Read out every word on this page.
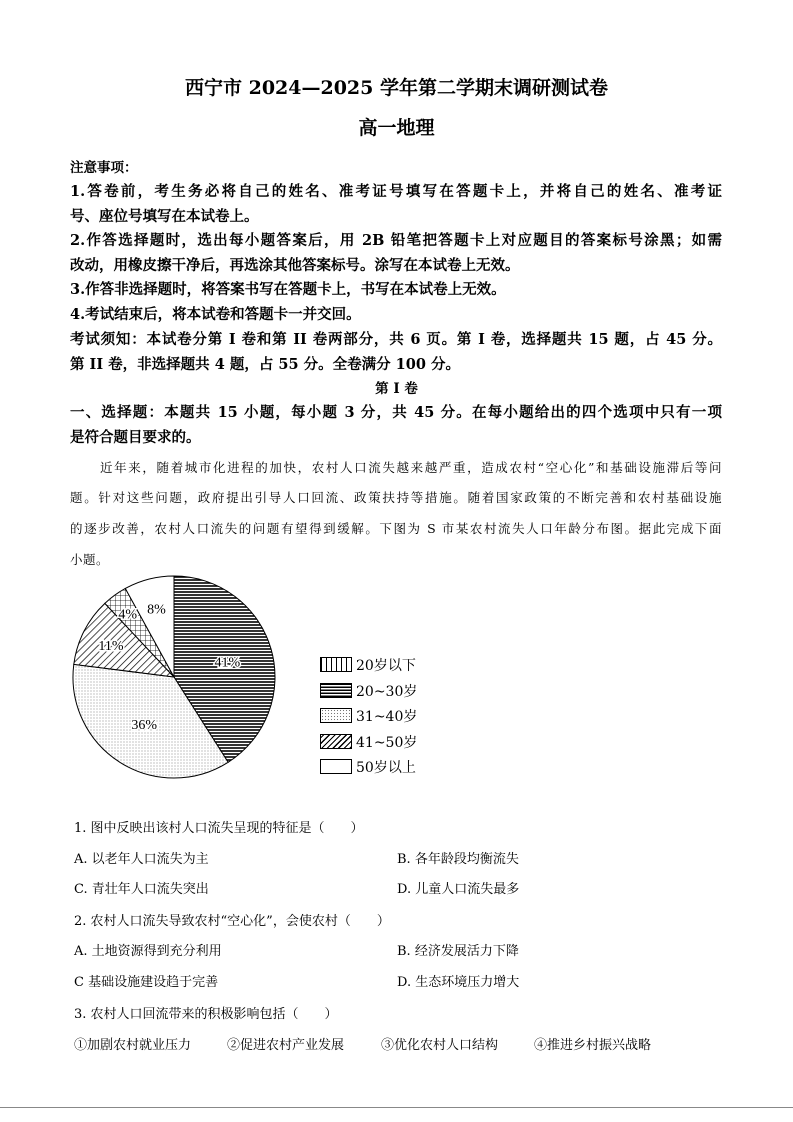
西宁市 2024—2025 学年第二学期末调研测试卷
高一地理
注意事项：
1.答卷前，考生务必将自己的姓名、准考证号填写在答题卡上，并将自己的姓名、准考证
号、座位号填写在本试卷上。
2.作答选择题时，选出每小题答案后，用 2B 铅笔把答题卡上对应题目的答案标号涂黑；如需
改动，用橡皮擦干净后，再选涂其他答案标号。涂写在本试卷上无效。
3.作答非选择题时，将答案书写在答题卡上，书写在本试卷上无效。
4.考试结束后，将本试卷和答题卡一并交回。
考试须知：本试卷分第 I 卷和第 II 卷两部分，共 6 页。第 I 卷，选择题共 15 题，占 45 分。
第 II 卷，非选择题共 4 题，占 55 分。全卷满分 100 分。
第 I 卷
一、选择题：本题共 15 小题，每小题 3 分，共 45 分。在每小题给出的四个选项中只有一项
是符合题目要求的。
近年来，随着城市化进程的加快，农村人口流失越来越严重，造成农村“空心化”和基础设施滞后等问
题。针对这些问题，政府提出引导人口回流、政策扶持等措施。随着国家政策的不断完善和农村基础设施
的逐步改善，农村人口流失的问题有望得到缓解。下图为 S 市某农村流失人口年龄分布图。据此完成下面
小题。
41%
36%
11%
4% 8%
20岁以下
20~30岁
31~40岁
41~50岁
50岁以上
1. 图中反映出该村人口流失呈现的特征是（　　）
A. 以老年人口流失为主	B. 各年龄段均衡流失
C. 青壮年人口流失突出	D. 儿童人口流失最多
2. 农村人口流失导致农村“空心化”，会使农村（　　）
A. 土地资源得到充分利用	B. 经济发展活力下降
C 基础设施建设趋于完善	D. 生态环境压力增大
3. 农村人口回流带来的积极影响包括（　　）
①加剧农村就业压力	②促进农村产业发展	③优化农村人口结构	④推进乡村振兴战略
